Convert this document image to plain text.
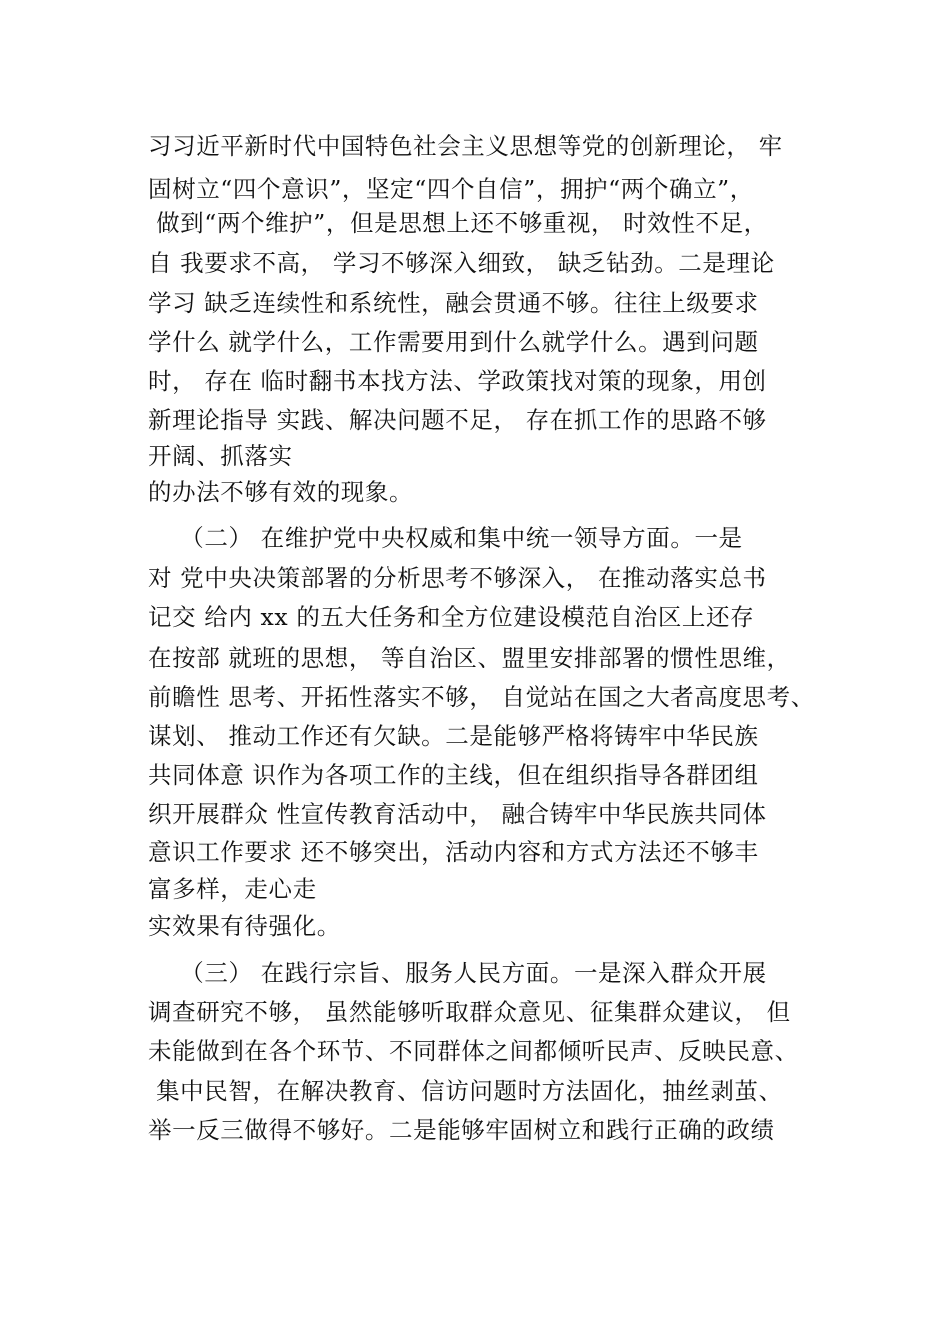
习习近平新时代中国特色社会主义思想等党的创新理论， 牢
固树立“四个意识”，坚定“四个自信”，拥护“两个确立”，
做到“两个维护”，但是思想上还不够重视， 时效性不足，
自 我要求不高， 学习不够深入细致， 缺乏钻劲。二是理论
学习 缺乏连续性和系统性，融会贯通不够。往往上级要求
学什么 就学什么，工作需要用到什么就学什么。遇到问题
时， 存在 临时翻书本找方法、学政策找对策的现象，用创
新理论指导 实践、解决问题不足， 存在抓工作的思路不够
开阔、抓落实
的办法不够有效的现象。
（二） 在维护党中央权威和集中统一领导方面。一是
对 党中央决策部署的分析思考不够深入， 在推动落实总书
记交 给内 xx 的五大任务和全方位建设模范自治区上还存
在按部 就班的思想， 等自治区、盟里安排部署的惯性思维，
前瞻性 思考、开拓性落实不够， 自觉站在国之大者高度思考、
谋划、 推动工作还有欠缺。二是能够严格将铸牢中华民族
共同体意 识作为各项工作的主线，但在组织指导各群团组
织开展群众 性宣传教育活动中， 融合铸牢中华民族共同体
意识工作要求 还不够突出，活动内容和方式方法还不够丰
富多样，走心走
实效果有待强化。
（三） 在践行宗旨、服务人民方面。一是深入群众开展
调查研究不够， 虽然能够听取群众意见、征集群众建议， 但
未能做到在各个环节、不同群体之间都倾听民声、反映民意、
集中民智，在解决教育、信访问题时方法固化，抽丝剥茧、
举一反三做得不够好。二是能够牢固树立和践行正确的政绩
